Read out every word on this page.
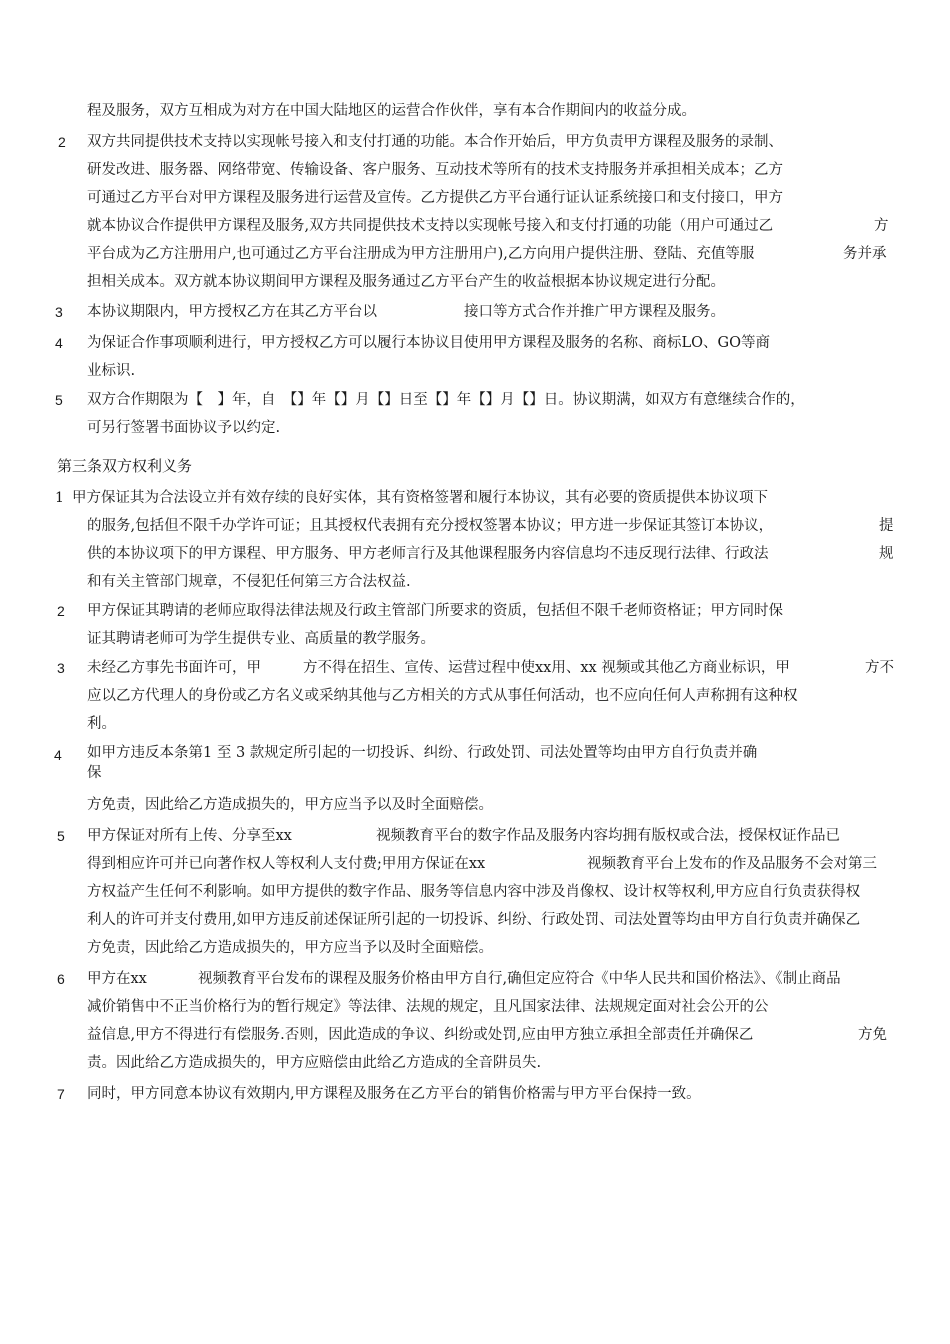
程及服务，双方互相成为对方在中国大陆地区的运营合作伙伴，享有本合作期间内的收益分成。
2 双方共同提供技术支持以实现帐号接入和支付打通的功能。本合作开始后，甲方负责甲方课程及服务的录制、
研发改进、服务器、网络带宽、传输设备、客户服务、互动技术等所有的技术支持服务并承担相关成本；乙方
可通过乙方平台对甲方课程及服务进行运营及宣传。乙方提供乙方平台通行证认证系统接口和支付接口，甲方
就本协议合作提供甲方课程及服务,双方共同提供技术支持以实现帐号接入和支付打通的功能（用户可通过乙	方
平台成为乙方注册用户,也可通过乙方平台注册成为甲方注册用户),乙方向用户提供注册、登陆、充值等服	务并承
担相关成本。双方就本协议期间甲方课程及服务通过乙方平台产生的收益根据本协议规定进行分配。
3 本协议期限内，甲方授权乙方在其乙方平台以	接口等方式合作并推广甲方课程及服务。
4 为保证合作事项顺利进行，甲方授权乙方可以履行本协议目使用甲方课程及服务的名称、商标LO、GO等商
业标识.
5 双方合作期限为【　】年，自　【】年【】月【】日至【】年【】月【】日。协议期满，如双方有意继续合作的，
可另行签署书面协议予以约定.
第三条双方权利义务
1 甲方保证其为合法设立并有效存续的良好实体，其有资格签署和履行本协议，其有必要的资质提供本协议项下
的服务,包括但不限千办学许可证；且其授权代表拥有充分授权签署本协议；甲方进一步保证其签订本协议，	提
供的本协议项下的甲方课程、甲方服务、甲方老师言行及其他课程服务内容信息均不违反现行法律、行政法	规
和有关主管部门规章，不侵犯任何第三方合法权益.
2 甲方保证其聘请的老师应取得法律法规及行政主管部门所要求的资质，包括但不限千老师资格证；甲方同时保
证其聘请老师可为学生提供专业、高质量的教学服务。
3 未经乙方事先书面许可，甲	方不得在招生、宣传、运营过程中使xx用、xx 视频或其他乙方商业标识，甲	方不
应以乙方代理人的身份或乙方名义或采纳其他与乙方相关的方式从事任何活动，也不应向任何人声称拥有这种权
利。
4 如甲方违反本条第1 至 3 款规定所引起的一切投诉、纠纷、行政处罚、司法处置等均由甲方自行负责并确
保
方免责，因此给乙方造成损失的，甲方应当予以及时全面赔偿。
5 甲方保证对所有上传、分享至xx	视频教育平台的数字作品及服务内容均拥有版权或合法，授保权证作品已
得到相应许可并已向著作权人等权利人支付费;甲用方保证在xx	视频教育平台上发布的作及品服务不会对第三
方权益产生任何不利影响。如甲方提供的数字作品、服务等信息内容中涉及肖像权、设计权等权利,甲方应自行负责获得权
利人的许可并支付费用,如甲方违反前述保证所引起的一切投诉、纠纷、行政处罚、司法处置等均由甲方自行负责并确保乙
方免责，因此给乙方造成损失的，甲方应当予以及时全面赔偿。
6 甲方在xx	视频教育平台发布的课程及服务价格由甲方自行,确但定应符合《中华人民共和国价格法》、《制止商品
减价销售中不正当价格行为的暂行规定》等法律、法规的规定，且凡国家法律、法规规定面对社会公开的公
益信息,甲方不得进行有偿服务.否则，因此造成的争议、纠纷或处罚,应由甲方独立承担全部责任并确保乙	方免
责。因此给乙方造成损失的，甲方应赔偿由此给乙方造成的全音阱员失.
7 同时，甲方同意本协议有效期内,甲方课程及服务在乙方平台的销售价格需与甲方平台保持一致。
